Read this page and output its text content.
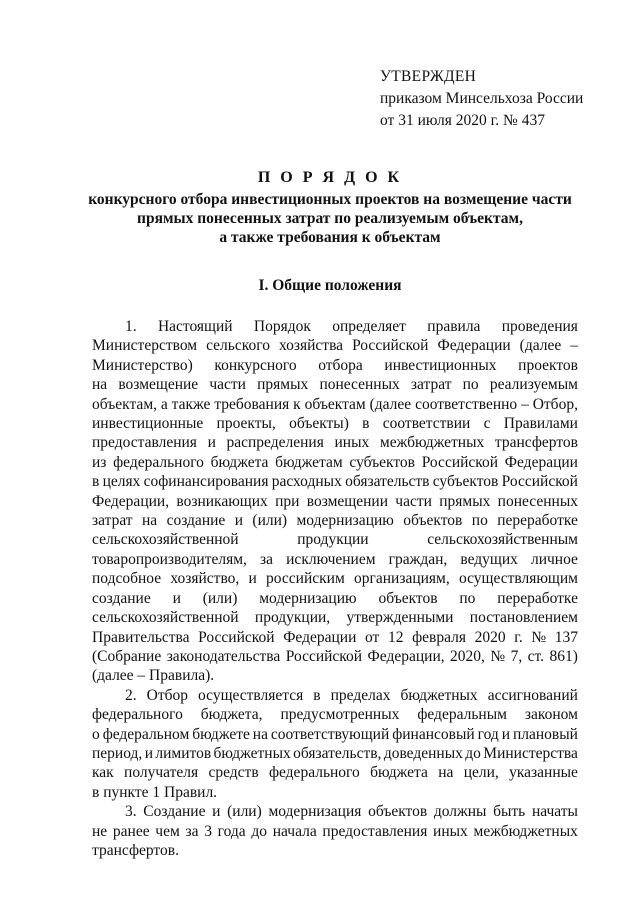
УТВЕРЖДЕН
приказом Минсельхоза России
от 31 июля 2020 г. № 437
П О Р Я Д О К
конкурсного отбора инвестиционных проектов на возмещение части
прямых понесенных затрат по реализуемым объектам,
а также требования к объектам
I. Общие положения
1. Настоящий Порядок определяет правила проведения
Министерством сельского хозяйства Российской Федерации (далее –
Министерство) конкурсного отбора инвестиционных проектов
на возмещение части прямых понесенных затрат по реализуемым
объектам, а также требования к объектам (далее соответственно – Отбор,
инвестиционные проекты, объекты) в соответствии с Правилами
предоставления и распределения иных межбюджетных трансфертов
из федерального бюджета бюджетам субъектов Российской Федерации
в целях софинансирования расходных обязательств субъектов Российской
Федерации, возникающих при возмещении части прямых понесенных
затрат на создание и (или) модернизацию объектов по переработке
сельскохозяйственной	продукции	сельскохозяйственным
товаропроизводителям, за исключением граждан, ведущих личное
подсобное хозяйство, и российским организациям, осуществляющим
создание и (или) модернизацию объектов по переработке
сельскохозяйственной продукции, утвержденными постановлением
Правительства Российской Федерации от 12 февраля 2020 г. № 137
(Собрание законодательства Российской Федерации, 2020, № 7, ст. 861)
(далее – Правила).
2. Отбор осуществляется в пределах бюджетных ассигнований
федерального бюджета, предусмотренных федеральным законом
о федеральном бюджете на соответствующий финансовый год и плановый
период, и лимитов бюджетных обязательств, доведенных до Министерства
как получателя средств федерального бюджета на цели, указанные
в пункте 1 Правил.
3. Создание и (или) модернизация объектов должны быть начаты
не ранее чем за 3 года до начала предоставления иных межбюджетных
трансфертов.
